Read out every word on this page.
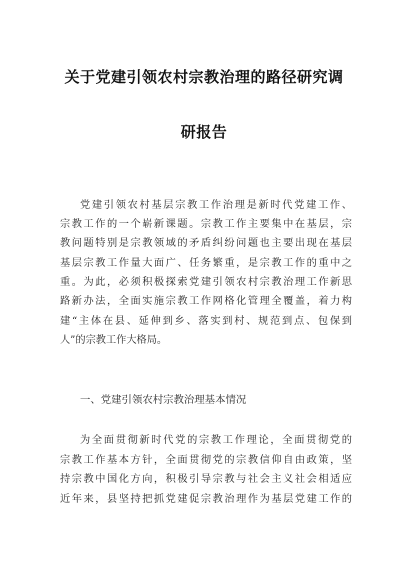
关于党建引领农村宗教治理的路径研究调
研报告
党建引领农村基层宗教工作治理是新时代党建工作、
宗教工作的一个崭新课题。宗教工作主要集中在基层，宗
教问题特别是宗教领域的矛盾纠纷问题也主要出现在基层
基层宗教工作量大面广、任务繁重，是宗教工作的重中之
重。为此，必须积极探索党建引领农村宗教治理工作新思
路新办法，全面实施宗教工作网格化管理全覆盖，着力构
建“主体在县、延伸到乡、落实到村、规范到点、包保到
人”的宗教工作大格局。
一、党建引领农村宗教治理基本情况
为全面贯彻新时代党的宗教工作理论，全面贯彻党的
宗教工作基本方针，全面贯彻党的宗教信仰自由政策，坚
持宗教中国化方向，积极引导宗教与社会主义社会相适应
近年来，县坚持把抓党建促宗教治理作为基层党建工作的
